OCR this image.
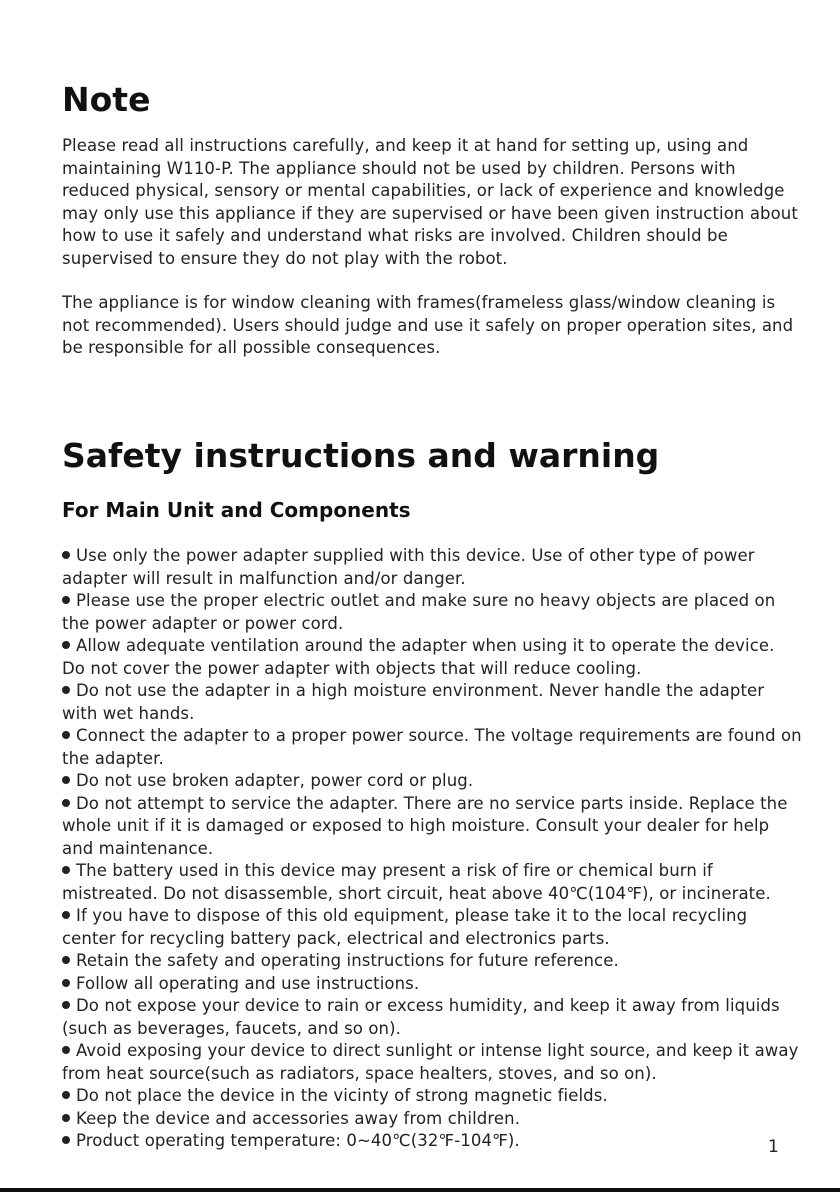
Note

Please read all instructions carefully, and keep it at hand for setting up, using and maintaining W110-P. The appliance should not be used by children. Persons with reduced physical, sensory or mental capabilities, or lack of experience and knowledge may only use this appliance if they are supervised or have been given instruction about how to use it safely and understand what risks are involved. Children should be supervised to ensure they do not play with the robot.

The appliance is for window cleaning with frames(frameless glass/window cleaning is not recommended). Users should judge and use it safely on proper operation sites, and be responsible for all possible consequences.

Safety instructions and warning
For Main Unit and Components

Use only the power adapter supplied with this device. Use of other type of power adapter will result in malfunction and/or danger.

Please use the proper electric outlet and make sure no heavy objects are placed on the power adapter or power cord.

Allow adequate ventilation around the adapter when using it to operate the device. Do not cover the power adapter with objects that will reduce cooling.

Do not use the adapter in a high moisture environment. Never handle the adapter with wet hands.

Connect the adapter to a proper power source. The voltage requirements are found on the adapter.

Do not use broken adapter, power cord or plug.

Do not attempt to service the adapter. There are no service parts inside. Replace the whole unit if it is damaged or exposed to high moisture. Consult your dealer for help and maintenance.

The battery used in this device may present a risk of fire or chemical burn if mistreated. Do not disassemble, short circuit, heat above 40℃(104℉), or incinerate.

If you have to dispose of this old equipment, please take it to the local recycling center for recycling battery pack, electrical and electronics parts.

Retain the safety and operating instructions for future reference.

Follow all operating and use instructions.

Do not expose your device to rain or excess humidity, and keep it away from liquids (such as beverages, faucets, and so on).

Avoid exposing your device to direct sunlight or intense light source, and keep it away from heat source(such as radiators, space healters, stoves, and so on).

Do not place the device in the vicinty of strong magnetic fields.

Keep the device and accessories away from children.

Product operating temperature: 0~40℃(32℉-104℉).	1
